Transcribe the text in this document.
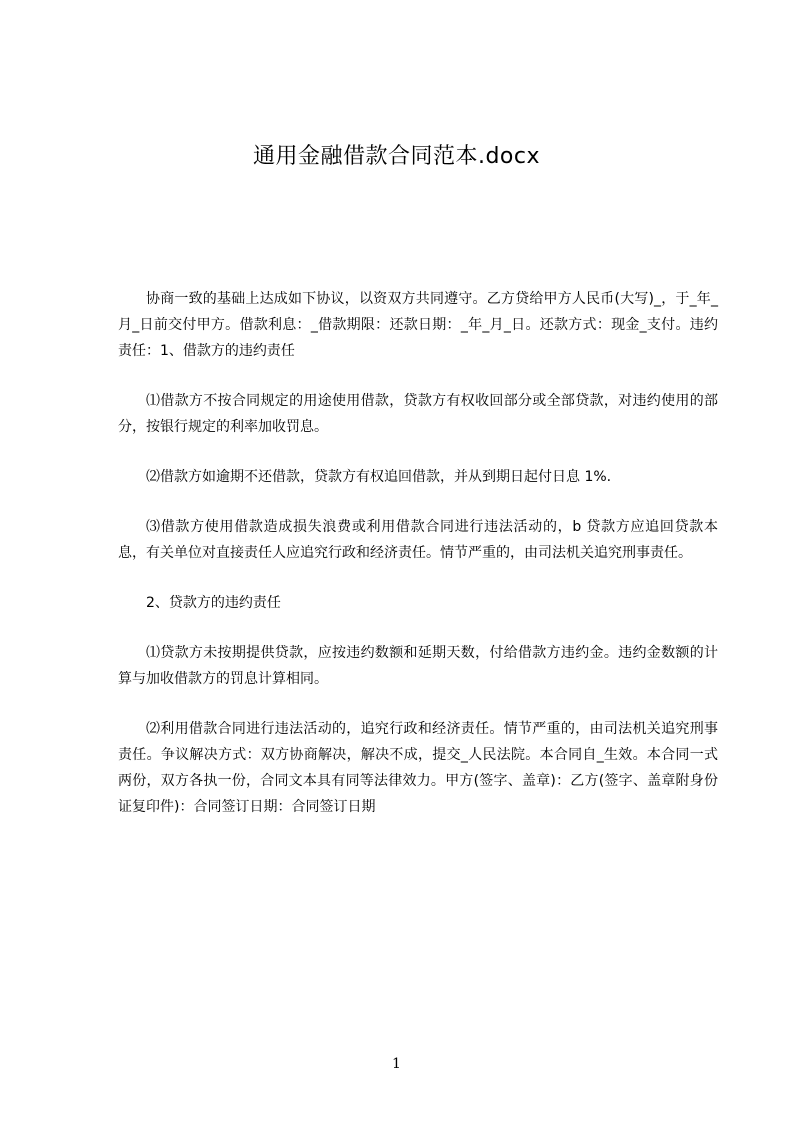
通用金融借款合同范本.docx

协商一致的基础上达成如下协议，以资双方共同遵守。乙方贷给甲方人民币(大写)_，于_年_月_日前交付甲方。借款利息：_借款期限：还款日期：_年_月_日。还款方式：现金_支付。违约责任：1、借款方的违约责任

⑴借款方不按合同规定的用途使用借款，贷款方有权收回部分或全部贷款，对违约使用的部分，按银行规定的利率加收罚息。

⑵借款方如逾期不还借款，贷款方有权追回借款，并从到期日起付日息 1%.

⑶借款方使用借款造成损失浪费或利用借款合同进行违法活动的，b 贷款方应追回贷款本息，有关单位对直接责任人应追究行政和经济责任。情节严重的，由司法机关追究刑事责任。

2、贷款方的违约责任

⑴贷款方未按期提供贷款，应按违约数额和延期天数，付给借款方违约金。违约金数额的计算与加收借款方的罚息计算相同。

⑵利用借款合同进行违法活动的，追究行政和经济责任。情节严重的，由司法机关追究刑事责任。争议解决方式：双方协商解决，解决不成，提交_人民法院。本合同自_生效。本合同一式两份，双方各执一份，合同文本具有同等法律效力。甲方(签字、盖章)：乙方(签字、盖章附身份证复印件)：合同签订日期：合同签订日期

1
